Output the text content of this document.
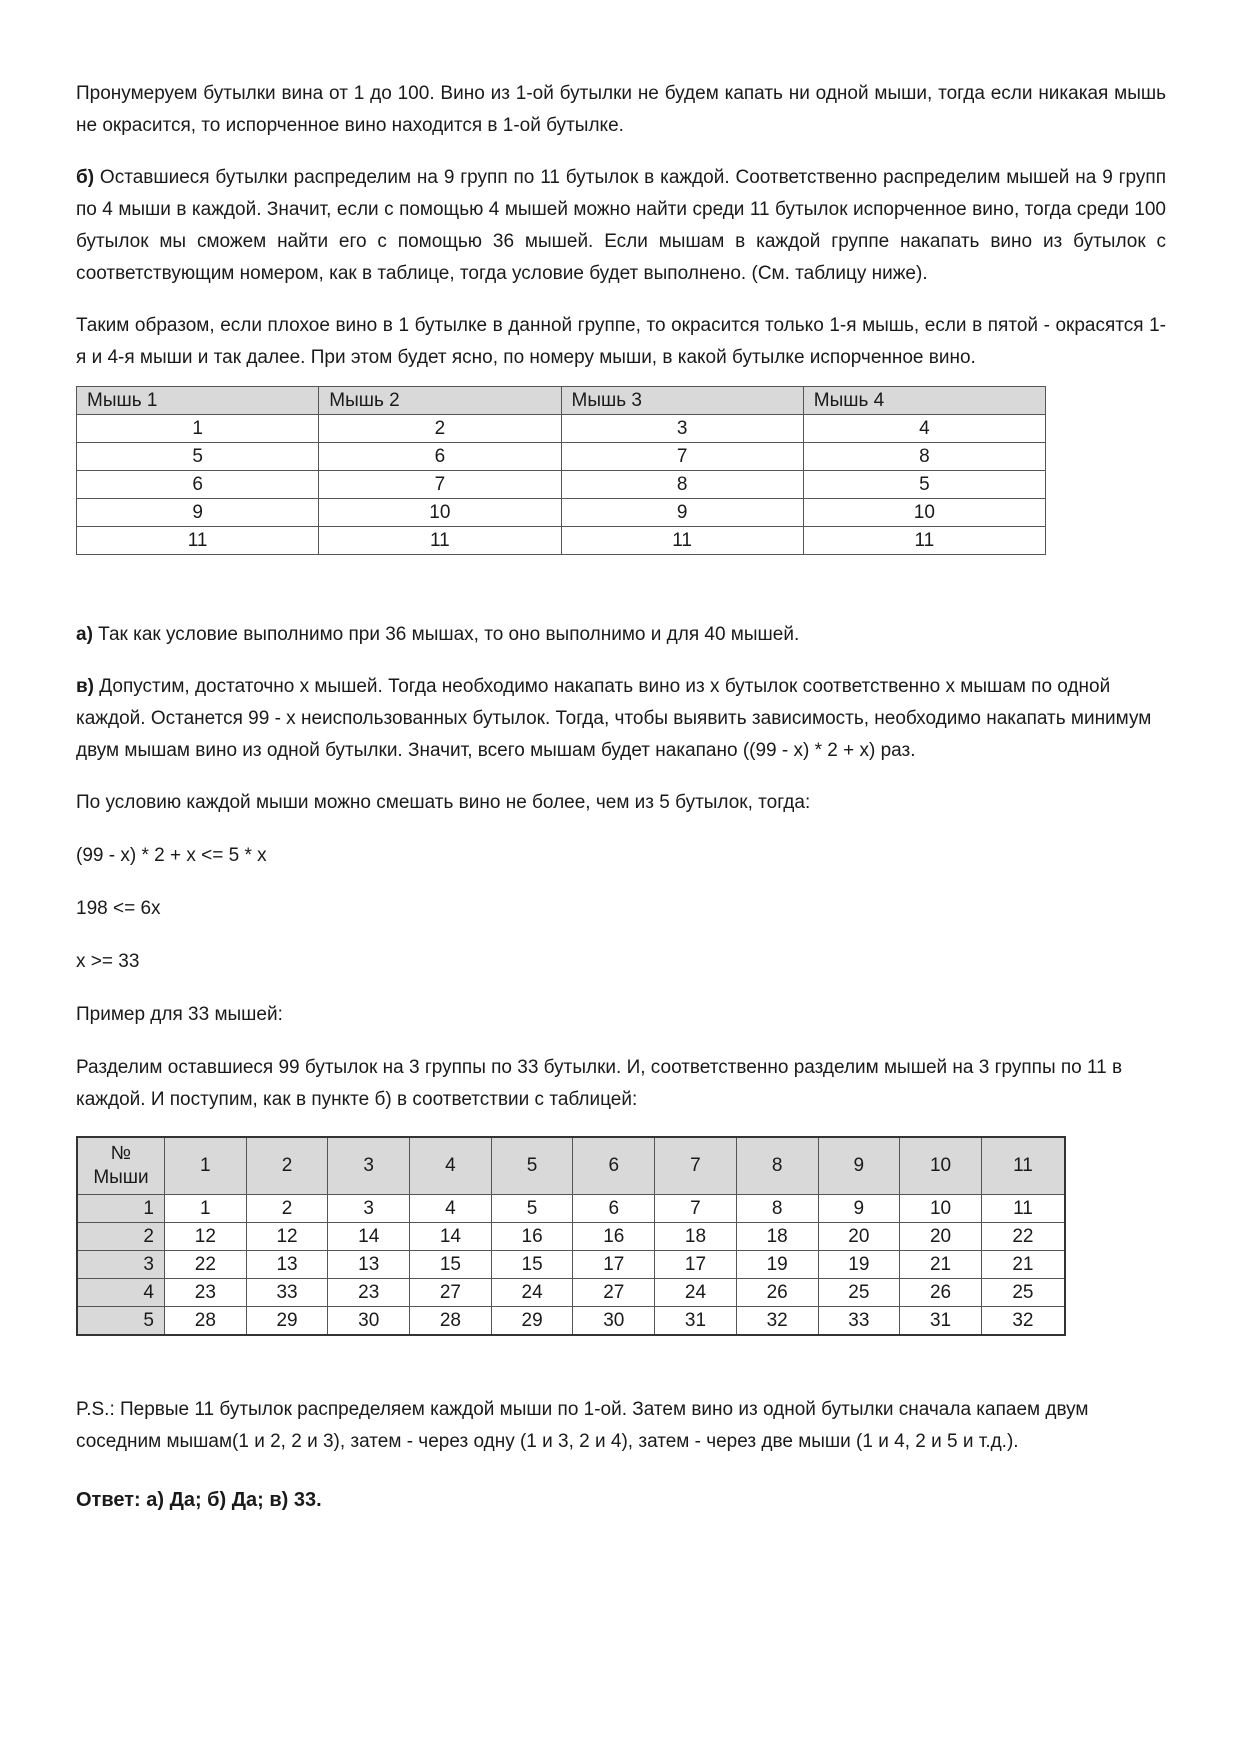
Пронумеруем бутылки вина от 1 до 100. Вино из 1-ой бутылки не будем капать ни одной мыши, тогда если никакая мышь не окрасится, то испорченное вино находится в 1-ой бутылке.

б) Оставшиеся бутылки распределим на 9 групп по 11 бутылок в каждой. Соответственно распределим мышей на 9 групп по 4 мыши в каждой. Значит, если с помощью 4 мышей можно найти среди 11 бутылок испорченное вино, тогда среди 100 бутылок мы сможем найти его с помощью 36 мышей. Если мышам в каждой группе накапать вино из бутылок с соответствующим номером, как в таблице, тогда условие будет выполнено. (См. таблицу ниже).

Таким образом, если плохое вино в 1 бутылке в данной группе, то окрасится только 1-я мышь, если в пятой - окрасятся 1-я и 4-я мыши и так далее. При этом будет ясно, по номеру мыши, в какой бутылке испорченное вино.

Мышь 1	Мышь 2	Мышь 3	Мышь 4
1	2	3	4
5	6	7	8
6	7	8	5
9	10	9	10
11	11	11	11

а) Так как условие выполнимо при 36 мышах, то оно выполнимо и для 40 мышей.

в) Допустим, достаточно x мышей. Тогда необходимо накапать вино из x бутылок соответственно x мышам по одной каждой. Останется 99 - x неиспользованных бутылок. Тогда, чтобы выявить зависимость, необходимо накапать минимум двум мышам вино из одной бутылки. Значит, всего мышам будет накапано ((99 - x) * 2 + x) раз.

По условию каждой мыши можно смешать вино не более, чем из 5 бутылок, тогда:

(99 - x) * 2 + x <= 5 * x

198 <= 6x

x >= 33

Пример для 33 мышей:

Разделим оставшиеся 99 бутылок на 3 группы по 33 бутылки. И, соответственно разделим мышей на 3 группы по 11 в каждой. И поступим, как в пункте б) в соответствии с таблицей:

№
Мыши	1	2	3	4	5	6	7	8	9	10	11
1	1	2	3	4	5	6	7	8	9	10	11
2	12	12	14	14	16	16	18	18	20	20	22
3	22	13	13	15	15	17	17	19	19	21	21
4	23	33	23	27	24	27	24	26	25	26	25
5	28	29	30	28	29	30	31	32	33	31	32

P.S.: Первые 11 бутылок распределяем каждой мыши по 1-ой. Затем вино из одной бутылки сначала капаем двум соседним мышам(1 и 2, 2 и 3), затем - через одну (1 и 3, 2 и 4), затем - через две мыши (1 и 4, 2 и 5 и т.д.).

Ответ: а) Да; б) Да; в) 33.
